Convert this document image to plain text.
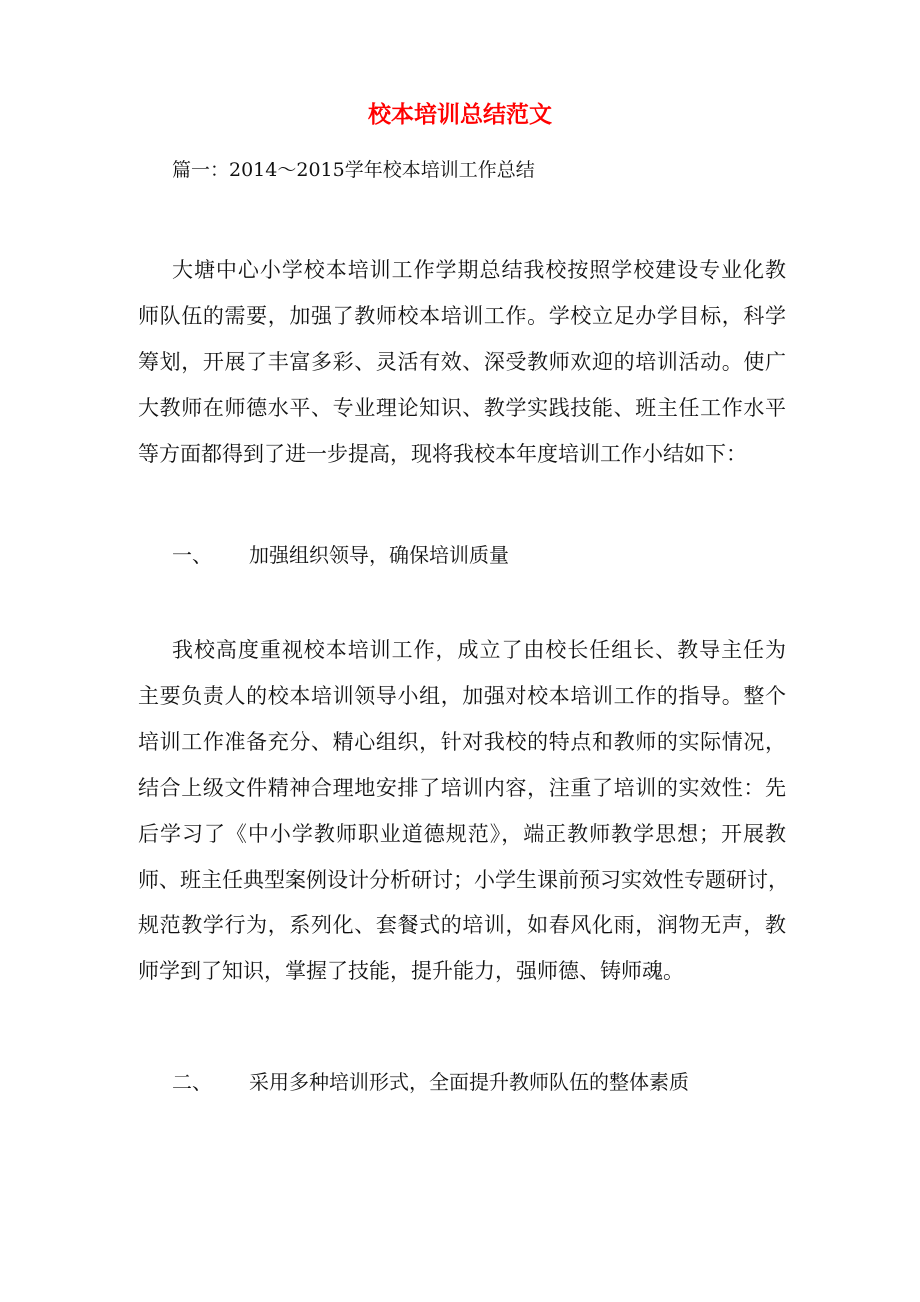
校本培训总结范文
篇一：2014〜2015学年校本培训工作总结
大塘中心小学校本培训工作学期总结我校按照学校建设专业化教
师队伍的需要，加强了教师校本培训工作。学校立足办学目标，科学
筹划，开展了丰富多彩、灵活有效、深受教师欢迎的培训活动。使广
大教师在师德水平、专业理论知识、教学实践技能、班主任工作水平
等方面都得到了进一步提高，现将我校本年度培训工作小结如下：
一、 加强组织领导，确保培训质量
我校高度重视校本培训工作，成立了由校长任组长、教导主任为
主要负责人的校本培训领导小组，加强对校本培训工作的指导。整个
培训工作准备充分、精心组织，针对我校的特点和教师的实际情况，
结合上级文件精神合理地安排了培训内容，注重了培训的实效性：先
后学习了《中小学教师职业道德规范》，端正教师教学思想；开展教
师、班主任典型案例设计分析研讨；小学生课前预习实效性专题研讨，
规范教学行为，系列化、套餐式的培训，如春风化雨，润物无声，教
师学到了知识，掌握了技能，提升能力，强师德、铸师魂。
二、 采用多种培训形式，全面提升教师队伍的整体素质
